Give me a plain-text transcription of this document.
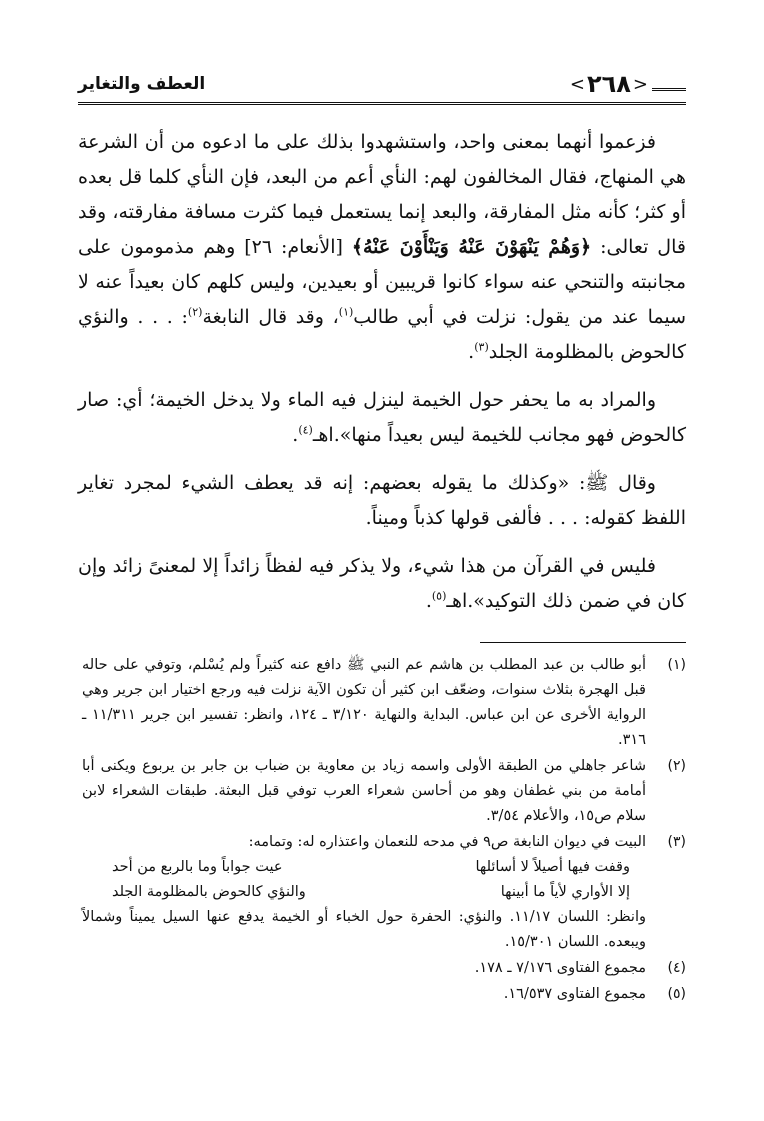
<
٢٦٨
>
العطف والتغاير

فزعموا أنهما بمعنى واحد، واستشهدوا بذلك على ما ادعوه من أن الشرعة هي المنهاج، فقال المخالفون لهم: النأي أعم من البعد، فإن النأي كلما قل بعده أو كثر؛ كأنه مثل المفارقة، والبعد إنما يستعمل فيما كثرت مسافة مفارقته، وقد قال تعالى: ﴿وَهُمْ يَنْهَوْنَ عَنْهُ وَيَنْأَوْنَ عَنْهُ﴾ [الأنعام: ٢٦] وهم مذمومون على مجانبته والتنحي عنه سواء كانوا قريبين أو بعيدين، وليس كلهم كان بعيداً عنه لا سيما عند من يقول: نزلت في أبي طالب$^{(١)}$، وقد قال النابغة$^{(٢)}$: . . . والنؤي كالحوض بالمظلومة الجلد$^{(٣)}$.

والمراد به ما يحفر حول الخيمة لينزل فيه الماء ولا يدخل الخيمة؛ أي: صار كالحوض فهو مجانب للخيمة ليس بعيداً منها».اهـ$^{(٤)}$.

وقال ﷺ: «وكذلك ما يقوله بعضهم: إنه قد يعطف الشيء لمجرد تغاير اللفظ كقوله: . . . فألفى قولها كذباً وميناً.

فليس في القرآن من هذا شيء، ولا يذكر فيه لفظاً زائداً إلا لمعنىً زائد وإن كان في ضمن ذلك التوكيد».اهـ$^{(٥)}$.

(١)
أبو طالب بن عبد المطلب بن هاشم عم النبي ﷺ دافع عنه كثيراً ولم يُسْلم، وتوفي على حاله قبل الهجرة بثلاث سنوات، وضعّف ابن كثير أن تكون الآية نزلت فيه ورجع اختيار ابن جرير وهي الرواية الأخرى عن ابن عباس. البداية والنهاية ٣/١٢٠ ـ ١٢٤، وانظر: تفسير ابن جرير ١١/٣١١ ـ ٣١٦.
(٢)
شاعر جاهلي من الطبقة الأولى واسمه زياد بن معاوية بن ضباب بن جابر بن يربوع ويكنى أبا أمامة من بني غطفان وهو من أحاسن شعراء العرب توفي قبل البعثة. طبقات الشعراء لابن سلام ص١٥، والأعلام ٣/٥٤.
(٣)
البيت في ديوان النابغة ص٩ في مدحه للنعمان واعتذاره له: وتمامه:
وقفت فيها أصيلاً لا أسائلها
عيت جواباً وما بالربع من أحد
إلا الأواري لأياً ما أبينها
والنؤي كالحوض بالمظلومة الجلد
وانظر: اللسان ١١/١٧. والنؤي: الحفرة حول الخباء أو الخيمة يدفع عنها السيل يميناً وشمالاً ويبعده. اللسان ١٥/٣٠١.
(٤)
مجموع الفتاوى ٧/١٧٦ ـ ١٧٨.
(٥)
مجموع الفتاوى ١٦/٥٣٧.
